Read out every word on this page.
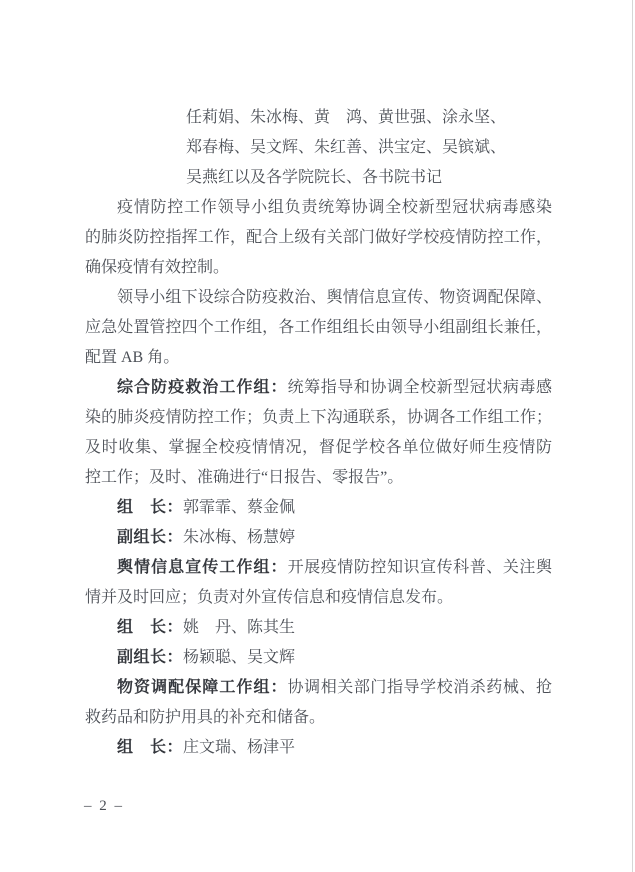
任莉娟、朱冰梅、黄　鸿、黄世强、涂永坚、
郑春梅、吴文辉、朱红善、洪宝定、吴镔斌、
吴燕红以及各学院院长、各书院书记
疫情防控工作领导小组负责统筹协调全校新型冠状病毒感染
的肺炎防控指挥工作，配合上级有关部门做好学校疫情防控工作，
确保疫情有效控制。
领导小组下设综合防疫救治、舆情信息宣传、物资调配保障、
应急处置管控四个工作组，各工作组组长由领导小组副组长兼任，
配置 AB 角。
综合防疫救治工作组：统筹指导和协调全校新型冠状病毒感
染的肺炎疫情防控工作；负责上下沟通联系，协调各工作组工作；
及时收集、掌握全校疫情情况，督促学校各单位做好师生疫情防
控工作；及时、准确进行“日报告、零报告”。
组　长：郭霏霏、蔡金佩
副组长：朱冰梅、杨慧婷
舆情信息宣传工作组：开展疫情防控知识宣传科普、关注舆
情并及时回应；负责对外宣传信息和疫情信息发布。
组　长：姚　丹、陈其生
副组长：杨颖聪、吴文辉
物资调配保障工作组：协调相关部门指导学校消杀药械、抢
救药品和防护用具的补充和储备。
组　长：庄文瑞、杨津平
– 2 –
